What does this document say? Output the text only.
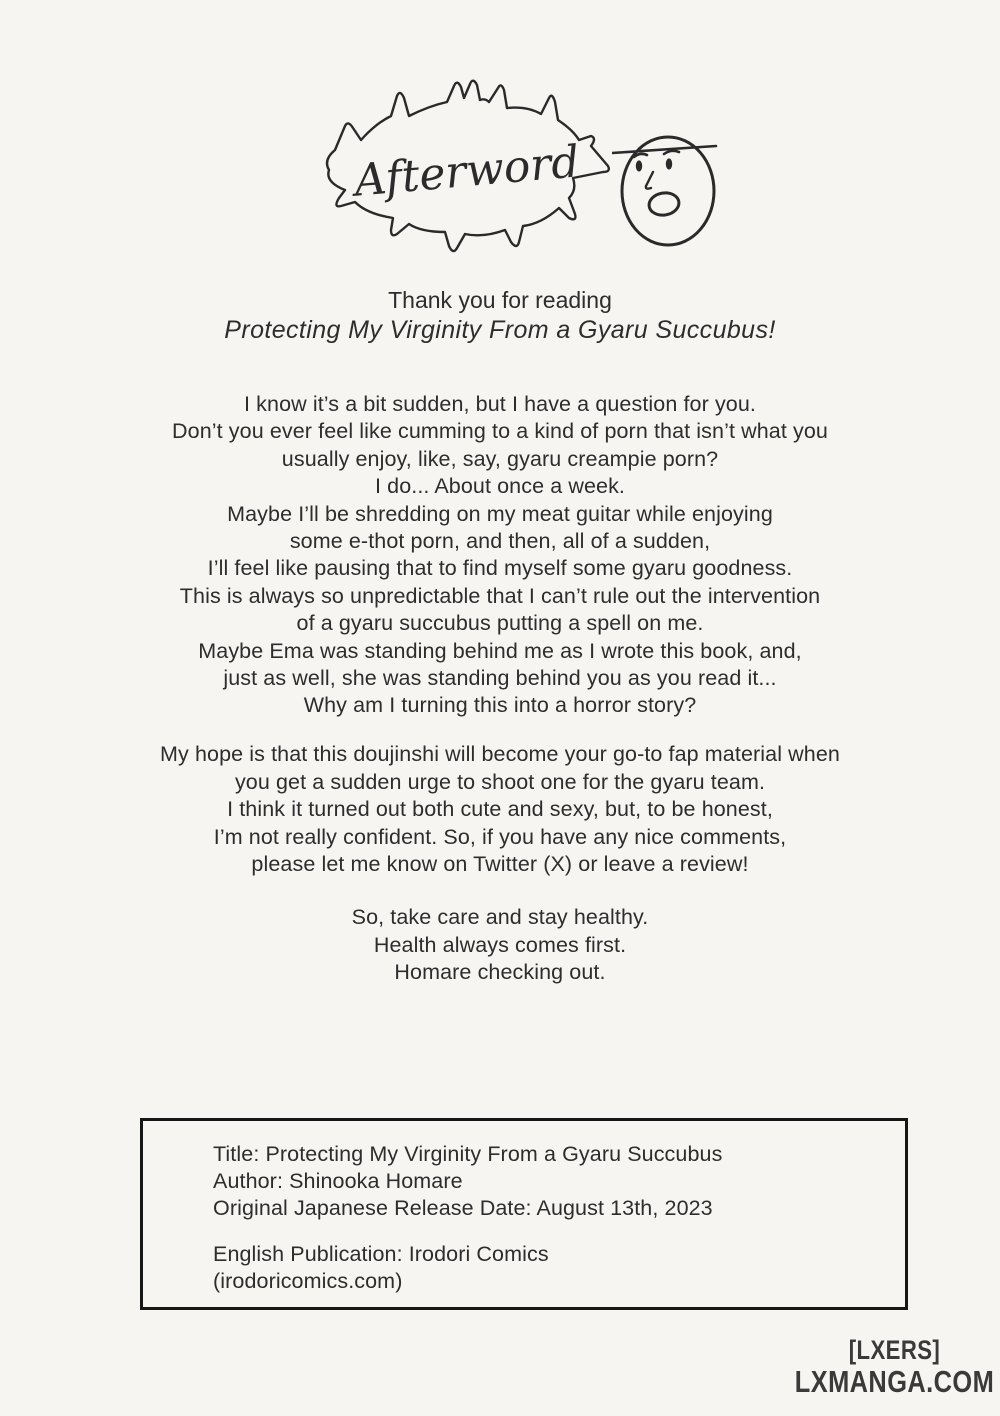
Afterword
Thank you for reading
Protecting My Virginity From a Gyaru Succubus!
I know it’s a bit sudden, but I have a question for you.
Don’t you ever feel like cumming to a kind of porn that isn’t what you
usually enjoy, like, say, gyaru creampie porn?
I do... About once a week.
Maybe I’ll be shredding on my meat guitar while enjoying
some e-thot porn, and then, all of a sudden,
I’ll feel like pausing that to find myself some gyaru goodness.
This is always so unpredictable that I can’t rule out the intervention
of a gyaru succubus putting a spell on me.
Maybe Ema was standing behind me as I wrote this book, and,
just as well, she was standing behind you as you read it...
Why am I turning this into a horror story?
My hope is that this doujinshi will become your go-to fap material when
you get a sudden urge to shoot one for the gyaru team.
I think it turned out both cute and sexy, but, to be honest,
I’m not really confident. So, if you have any nice comments,
please let me know on Twitter (X) or leave a review!
So, take care and stay healthy.
Health always comes first.
Homare checking out.
Title: Protecting My Virginity From a Gyaru Succubus
Author: Shinooka Homare
Original Japanese Release Date: August 13th, 2023
English Publication: Irodori Comics
(irodoricomics.com)
[LXERS]
LXMANGA.COM
